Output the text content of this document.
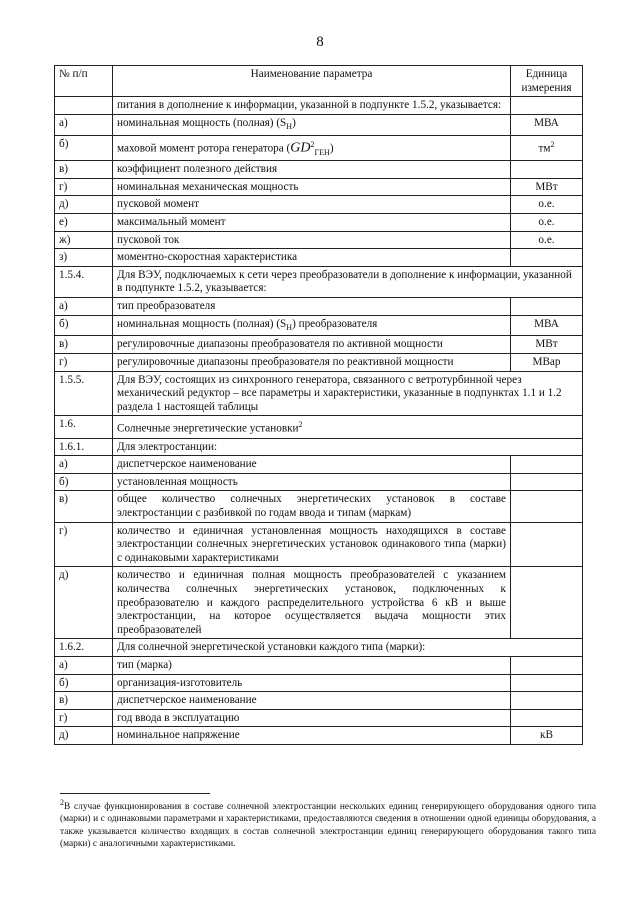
8
№ п/п	Наименование параметра	Единица измерения
	питания в дополнение к информации, указанной в подпункте 1.5.2, указывается:	
а)	номинальная мощность (полная) $(S_Н)$	МВА
б)	маховой момент ротора генератора $(GD^2_{ГЕН})$	$тм^2$
в)	коэффициент полезного действия	
г)	номинальная механическая мощность	МВт
д)	пусковой момент	о.е.
е)	максимальный момент	о.е.
ж)	пусковой ток	о.е.
з)	моментно-скоростная характеристика	
1.5.4.	Для ВЭУ, подключаемых к сети через преобразователи в дополнение к информации, указанной в подпункте 1.5.2, указывается:	
а)	тип преобразователя	
б)	номинальная мощность (полная) $(S_Н)$ преобразователя	МВА
в)	регулировочные диапазоны преобразователя по активной мощности	МВт
г)	регулировочные диапазоны преобразователя по реактивной мощности	МВар
1.5.5.	Для ВЭУ, состоящих из синхронного генератора, связанного с ветротурбинной через механический редуктор – все параметры и характеристики, указанные в подпунктах 1.1 и 1.2 раздела 1 настоящей таблицы	
1.6.	Солнечные энергетические установки$^2$
1.6.1.	Для электростанции:	
а)	диспетчерское наименование	
б)	установленная мощность	
в)	общее количество солнечных энергетических установок в составе электростанции с разбивкой по годам ввода и типам (маркам)	
г)	количество и единичная установленная мощность находящихся в составе электростанции солнечных энергетических установок одинакового типа (марки) с одинаковыми характеристиками	
д)	количество и единичная полная мощность преобразователей с указанием количества солнечных энергетических установок, подключенных к преобразователю и каждого распределительного устройства 6 кВ и выше электростанции, на которое осуществляется выдача мощности этих преобразователей	
1.6.2.	Для солнечной энергетической установки каждого типа (марки):	
а)	тип (марка)	
б)	организация-изготовитель	
в)	диспетчерское наименование	
г)	год ввода в эксплуатацию	
д)	номинальное напряжение	кВ
2В случае функционирования в составе солнечной электростанции нескольких единиц генерирующего оборудования одного типа (марки) и с одинаковыми параметрами и характеристиками, предоставляются сведения в отношении одной единицы оборудования, а также указывается количество входящих в состав солнечной электростанции единиц генерирующего оборудования такого типа (марки) с аналогичными характеристиками.
